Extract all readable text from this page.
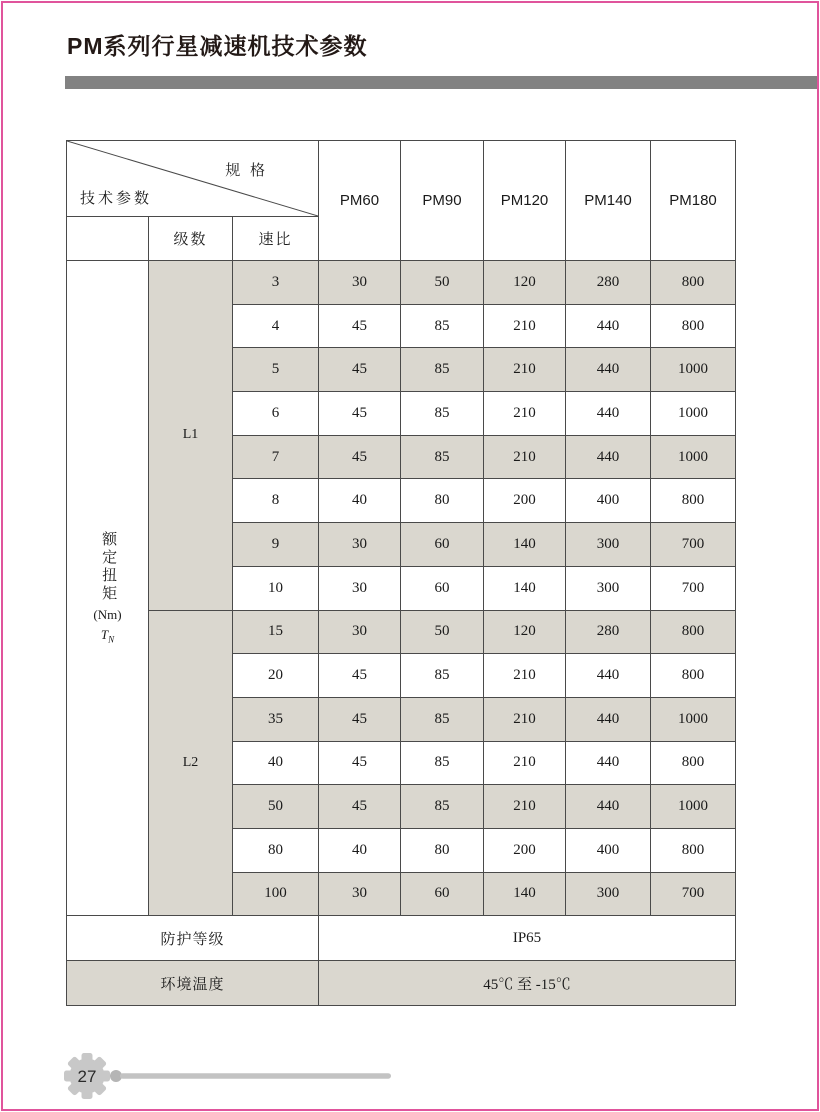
PM系列行星减速机技术参数
规 格
技术参数			PM60	PM90	PM120	PM140	PM180
	级数	速比					

额定扭矩
(Nm)
$T_N$	L1	3	30	50	120	280	800
		4	45	85	210	440	800
		5	45	85	210	440	1000
		6	45	85	210	440	1000
		7	45	85	210	440	1000
		8	40	80	200	400	800
		9	30	60	140	300	700
		10	30	60	140	300	700
	L2	15	30	50	120	280	800
		20	45	85	210	440	800
		35	45	85	210	440	1000
		40	45	85	210	440	800
		50	45	85	210	440	1000
		80	40	80	200	400	800
		100	30	60	140	300	700
防护等级			IP65				
环境温度			45℃ 至 -15℃				
27
